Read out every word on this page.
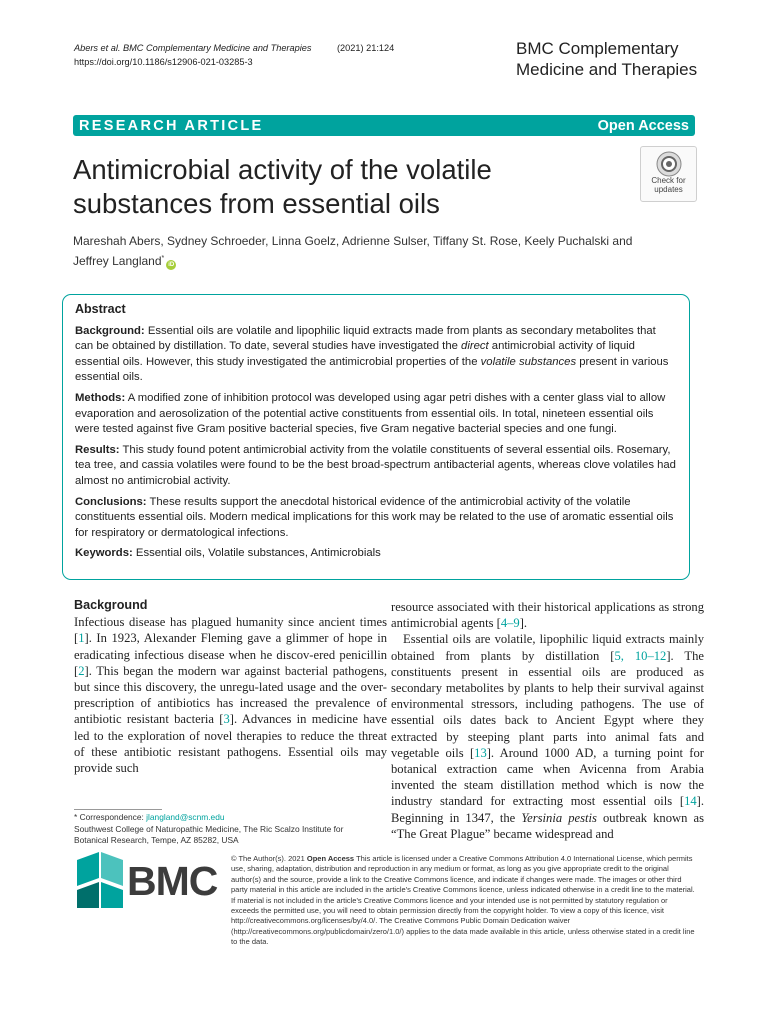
Abers et al. BMC Complementary Medicine and Therapies	(2021) 21:124
https://doi.org/10.1186/s12906-021-03285-3
BMC Complementary
Medicine and Therapies
RESEARCH ARTICLE	Open Access
Antimicrobial activity of the volatile
substances from essential oils
Check for
updates
Mareshah Abers, Sydney Schroeder, Linna Goelz, Adrienne Sulser, Tiffany St. Rose, Keely Puchalski and
Jeffrey Langland*iD
Abstract

Background: Essential oils are volatile and lipophilic liquid extracts made from plants as secondary metabolites that can be obtained by distillation. To date, several studies have investigated the direct antimicrobial activity of liquid essential oils. However, this study investigated the antimicrobial properties of the volatile substances present in various essential oils.

Methods: A modified zone of inhibition protocol was developed using agar petri dishes with a center glass vial to allow evaporation and aerosolization of the potential active constituents from essential oils. In total, nineteen essential oils were tested against five Gram positive bacterial species, five Gram negative bacterial species and one fungi.

Results: This study found potent antimicrobial activity from the volatile constituents of several essential oils. Rosemary, tea tree, and cassia volatiles were found to be the best broad-spectrum antibacterial agents, whereas clove volatiles had almost no antimicrobial activity.

Conclusions: These results support the anecdotal historical evidence of the antimicrobial activity of the volatile constituents essential oils. Modern medical implications for this work may be related to the use of aromatic essential oils for respiratory or dermatological infections.

Keywords: Essential oils, Volatile substances, Antimicrobials

Background

Infectious disease has plagued humanity since ancient times [1]. In 1923, Alexander Fleming gave a glimmer of hope in eradicating infectious disease when he discov-ered penicillin [2]. This began the modern war against bacterial pathogens, but since this discovery, the unregu-lated usage and the over-prescription of antibiotics has increased the prevalence of antibiotic resistant bacteria [3]. Advances in medicine have led to the exploration of novel therapies to reduce the threat of these antibiotic resistant pathogens. Essential oils may provide such

resource associated with their historical applications as strong antimicrobial agents [4–9].

Essential oils are volatile, lipophilic liquid extracts mainly obtained from plants by distillation [5, 10–12]. The constituents present in essential oils are produced as secondary metabolites by plants to help their survival against environmental stressors, including pathogens. The use of essential oils dates back to Ancient Egypt where they extracted by steeping plant parts into animal fats and vegetable oils [13]. Around 1000 AD, a turning point for botanical extraction came when Avicenna from Arabia invented the steam distillation method which is now the industry standard for extracting most essential oils [14]. Beginning in 1347, the Yersinia pestis outbreak known as “The Great Plague” became widespread and

* Correspondence: jlangland@scnm.edu
Southwest College of Naturopathic Medicine, The Ric Scalzo Institute for
Botanical Research, Tempe, AZ 85282, USA
BMC © The Author(s). 2021 Open Access This article is licensed under a Creative Commons Attribution 4.0 International License, which permits use, sharing, adaptation, distribution and reproduction in any medium or format, as long as you give appropriate credit to the original author(s) and the source, provide a link to the Creative Commons licence, and indicate if changes were made. The images or other third party material in this article are included in the article's Creative Commons licence, unless indicated otherwise in a credit line to the material. If material is not included in the article's Creative Commons licence and your intended use is not permitted by statutory regulation or exceeds the permitted use, you will need to obtain permission directly from the copyright holder. To view a copy of this licence, visit http://creativecommons.org/licenses/by/4.0/. The Creative Commons Public Domain Dedication waiver (http://creativecommons.org/publicdomain/zero/1.0/) applies to the data made available in this article, unless otherwise stated in a credit line to the data.
